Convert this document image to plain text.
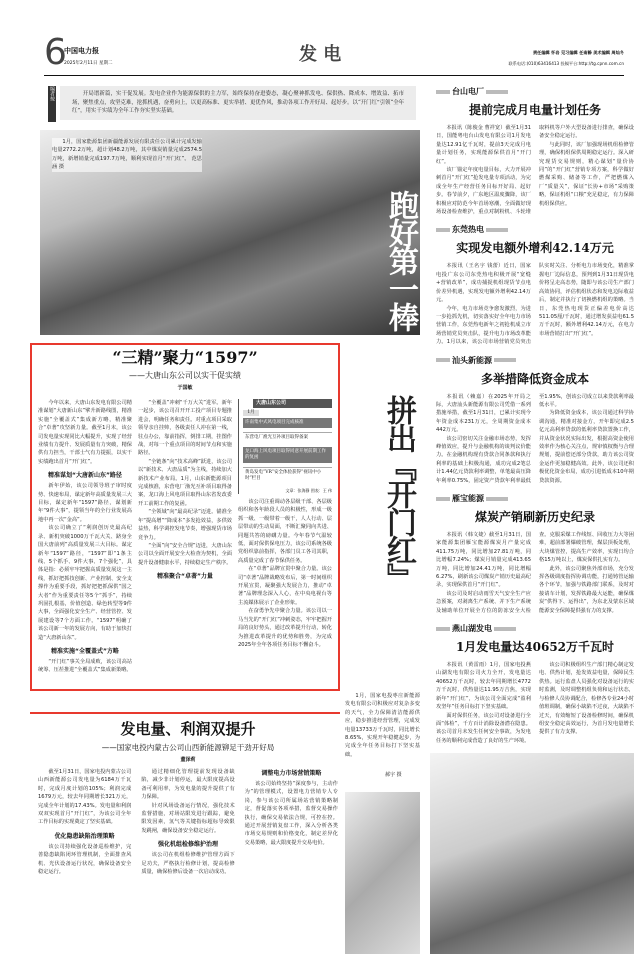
6
中国电力报
2025年2月11日 星期二	发 电	责任编辑 怀岩 见习编辑 任南静 美术编辑 周灿冬
联系电话:(010)63416413 投稿平台:http://tg.cpnn.com.cn
编者按	开局谱新篇，实干促发展。发电企业作为能源保供的主力军，始终保持奋进姿态，凝心聚神抓发电、保供热、降成本、增效益、拓市场，聚焦重点，攻坚克难，抢抓机遇，奋勇向上，以更高标准、更实举措、更优作风，推动各项工作开好局、起好步。以“开门红”引领“全年红”，用实干实绩为全年工作夯实坚实基础。
1月，国家能源集团新疆能源发展有限责任公司累计完成发输电量2772.2万吨，超计划48.2万吨，其中煤炭销量完成2574.5万吨，新增销量完成197.7万吨，顺利实现首月“开门红”。 范思涵 摄
跑好第一棒
拼出『开门红』
“三精”聚力“1597”
——大唐山东公司以实干促实绩
于国敏
今年以来，大唐山东发电有限公司精准谋划“大唐新山东”擘升新路线图，精准实施“全覆盖式”集成新方略，精准聚合“卓著”攻坚新力量。截至1月末，该公司发电量实现同比大幅提升，实现了经营业绩有力提升、发展质量有力突破，精保供有力担当，干部士气有力提振，以实干实绩跑出首月“开门红”。
精准谋划“大唐新山东”路径
新年伊始，该公司领导班子审时度势、快速布局，谋定新年高质量发展三大目标，谋定新年“1597”路径，谋划新年“9件大事”，提领当年的全行业发展高地中再一次“金高”。
该公司确立了“利润创历史最高纪录、新机突破1000万千瓦大关、跻身全国大唐前列”高质量发展三大目标。谋定新年“1597”路径，“1597”即“1条主线、5个抓手、9件大事、7个强化”，具体是指：必须牢牢把握高质量发展这一主线，抓好把抓技创新、产业控制、安全支撑作为重要手段，抓好把把抓保供“国之大者”作为重要责任等5个“抓手”，持续巩固扎根基，价值创造、绿色转型等9件大事，全面强化安全生产、经营管控、发展建设等7个方面工作。“1597”明确了该公司新一年的发展方向，有助于加快打造“大唐新山东”。
精准实施“全覆盖式”方略
“开门红”事关全局成败，该公司高站统筹、压茬推进“全覆盖式”集成新策略。
“全覆盖”冲刺“千万大关”进军。新年一起步，该公司召开开工投产项目专题推进会，明确任务和责任。对重点项目采取领导亲自挂帅，各级责任人冲在第一线，驻点办公，靠前指挥，倒排工期，挂图作战，对每一个重点项目的时间节点和实施路径。
“全链条”向“技术高峰”跃进，该公司以“新技术、大唐品质”为主线，持续加大新技术产业布局。1月，山东新能源项目完成核准，东营电厂渔光互补项目取得备案，龙口海上风电项目取得山东省发改委开工前期工作的复函。
“全领域”向“最高纪录”迈进。锚准全年“提高增”“降成本”多发抢效益，多供效益热，科学调控发电节奏，增强现货市场竞争力。
“全面”向“安全合规”迈进，大唐山东公司以全面开展安全大检查为契机，全面提升设备健康水平，持续稳定生产秩序。
精准聚合“卓著”力量
大唐山东公司
1月
许南集中式风电项目完成核准
东营电厂渔光互补项目取得备案
龙口海上风电项目取得同意开展前期工作的复函
黄岛发电“VR”安全体验获得“视讯中小时”栏目
文章：张海静 图表：王 伟
该公司注重调动各层级干部、各层级组织和各年龄段人员的积极性，形成一级抓一级、一级带着一级干，人人行动、层层带动的生动局面，不断汇聚同向共进、同题共答的磅礴力量。今年春节气温较低，面对保供保电压力，该公司系统各级党组织靠前指挥，各部门员工各司其职，高质量完成了春节保供任务。
在“卓著”品牌宣贯中聚合力量。该公司“卓著”品牌战略发布后，第一时间组织开展宣贯，凝聚强大发展合力，推动“卓著”品牌理念深入人心，在中央电视台等主流媒体展示了企业形象。
在奋勇争先中聚合力量。该公司以一马当先的“开门红”冲刺姿态，牢牢把握开局的良好势头，通过改革提升行动，转化为推进改革提升的优势和胜势，为完成2025年全年各项任务目标不懈奋斗。
1月，国家电投枣庄新能源发电有限公司积极应对复杂多变的天气，全力保障清洁能源供应，稳步推进经营管理，完成发电量13733万千瓦时，同比增长8.65%，实现开年稳健起步，为完成全年任务目标打下坚实基础。
郝宇 摄
发电量、利润双提升
——国家电投内蒙古公司山西新能源铆足干劲开好局
董泽莉
截至1月31日，国家电投内蒙古公司山西新能源公司发电量为6184万千瓦时，完成月度计划的105%；利润完成1679万元，较去年同期增长321万元，完成全年计划的17.43%。发电量和利润双双实现首月“开门红”，为该公司全年工作目标的实现奠定了坚实基础。
优化隐患缺陷治理策略
该公司持续强化设备巡检维护，完善隐患缺陷闭环管理机制，全面排查风机、光伏设备运行状况，确保设备安全稳定运行。
通过精细化管理提前发现设备缺陷，减少非计划停运，最大限度提高设备可利用率，为发电量的提升提供了有力保障。
针对风场设备运行情况，强化技术监督措施，对场站限发进行跟踪，避免限发因素，氢气等关键指标超标导致限发跳闸，确保设备安全稳定运行。
强化机组检修维护治理
该公司在机组检修维护管理方面下足功夫，严格执行检修计划，提高检修质量，确保检修后设备一次启动成功。
调整电力市场营销策略
该公司始终坚持“深度参与，主动作为”的管理模式，设置电力营销专人专岗，参与该公司所属场站营销策略制定，督促落实各项举措，监督交易操作执行，确保交易依法合规，可控在控。通过开展营销复盘工作，深入分析各类市场交易规则和价格变化，制定差异化交易策略，最大限度提升交易电价。
台山电厂
提前完成月电量计划任务
本报讯（陈俊金 曹祥宽）截至1月31日，国能粤电台山发电有限公司1月发电量达12.91亿千瓦时，提前3天完成月电量计划任务，实现能源保供首月“开门红”。
该厂锚定年度电量目标，大力开展冲刺首月“开门红”抢发电量专项活动，为完成全年生产经营任务目标开好局、起好步。春节前夕，广东地区温度骤降，该厂积极应对防范今年首场寒潮，全面做好现场设备检查维护，重点对制粉机、斗轮堆取料机等户外大型设备进行排查，确保设备安全稳定运行。
与此同时，该厂加强现场机组检修管理，确保机组保供周期稳定运行。深入研究现货交易规则，精心谋划“量价协同”的“开门红”营销专项方案，科学做好燃煤采购、储备等工作，严把燃煤入厂“质量关”，保证“长协+市场”采购策略，保证机组“口粮”充足稳定，有力保障机组保供应。
东莞热电
实现发电额外增利42.14万元
本报讯（王名宇 钱蕾）近日，国家电投广东公司东莞热电积极开展“宽缝+营销改革”，成功捕捉机组现货节点电价差异机遇，实现发电额外增利42.14万元。
今年，电力市场竞争愈发激烈，为进一步抢抓先机，切实落实好全年电力市场营销工作，东莞热电新年之初抢机成立市场营销党员突击队，提升电力市场改革能力。1月以来，该公司市场营销党员突击队实时关注、分析电力市场变化，精准掌握电厂边际信息，预判到1月31日现货电价将呈走高态势，随即与该公司生产部门高效协同，评估机组状态和发电边际收益后，制定并执行了切换燃机组的策略。当日，东莞热电现货正偏差电价高达511.05厘/千瓦时，通过增发获益电61.5万千瓦时，额外增利42.14万元，在电力市场营销打出“开门红”。
汕头新能源
多举措降低资金成本
本报讯（赖嘉）在2025年开局之际，大唐汕头新能源有限公司凭借一系列措施举措，截至1月31日，已累计实现今年资金成本231万元，全周期资金成本442万元。
该公司密切关注金融市场态势，发挥峰值效应，提升与金融机构的谈判议价能力。在金融机构现有贷款合同条款和执行利率的基础上积极沟通，成功完成2笔总计1.44亿元贷款利率调整，单笔最高压降年利率0.75%，固定资产贷款年利率最低至1.95%，创该公司成立以来贷款利率最低水平。
为降低资金成本，该公司通过科学协调沟通，精准对接金方，开年即完成2.5亿元高利率贷款的低利率贷款置换工作，并从资金状况实际出发，根据高资金使用效率作为核心关注点，规审慎权衡与合理规划，提前偿还部分贷款，助力该公司资金运作更加稳健高效。此外，该公司还积极优化资金布局，成功引进低成本10年期贷款资源。
雁宝能源
煤炭产销刷新历史纪录
本报讯（韩文婕）截至1月31日，国家能源集团雁宝能源煤炭月产量完成411.75万吨，同比增加27.81万吨，同比增幅7.24%；煤炭月销量完成413.65万吨，同比增加24.41万吨，同比增幅6.27%，刷新该公司煤炭产销历史最高纪录，实现保供首月“开门红”。
该公司及时启动雨雪天气安全生产应急预案，对剥离生产系统、并下生产系统及辅助单位开展全方位的防冻安全大检查。克服采煤工作线短、回收压力大等困难，超前部署爆破管理，煤层顶板处理，大块煤管控，提高生产效率，实现日均合格15万吨以上，煤炭保供扎实有力。
此外，该公司聚焦外部市场，充分发挥各级调度指挥协调功能，打通铸管运输各个环节，加强与铁路部门联系，及时对接请车计划，发挥铁路最大运能，确保煤炭“供得下、运得出”，为东北及蒙东区域能源安全保障提供强有力的支撑。
燕山湖发电
1月发电量达40652万千瓦时
本报讯（黄雷雨）1月，国家电投燕山湖发电有限公司火力全开，发电量达40652万千瓦时，较去年同期增长4772万千瓦时，供热量达11.95万吉焦，实现新年“开门红”，为该公司全面完成“盈利攻坚年”任务目标打下坚实基础。
面对保供任务，该公司对设备进行全面“体检”，千方百计消除设备潜在隐患。该公司首月未发生任何安全事故，为发电任务的顺利完成营造了良好的生产环境。
该公司积极组织生产部门精心制定发电、供热计划，抢发效益电量，保障民生供热。运行监盘人员强化对设备运行的实时监测，及时调整机组负荷和运行状态，与检修人员协调配合，检修各专业24小时值班调制，确保小缺陷不过夜，大缺陷不过天，有效缩短了设备检修时间，确保机组安全稳定高效运行，为首月发电量增长提供了有力支撑。
